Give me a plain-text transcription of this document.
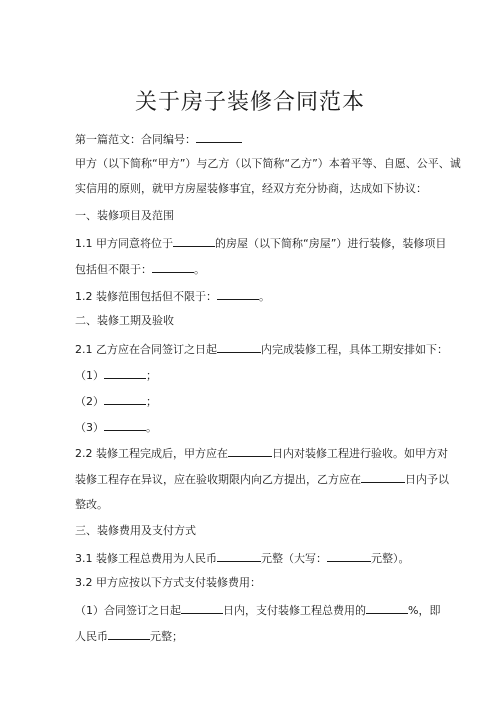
关于房子装修合同范本
第一篇范文：合同编号：
甲方（以下简称“甲方”）与乙方（以下简称“乙方”）本着平等、自愿、公平、诚
实信用的原则，就甲方房屋装修事宜，经双方充分协商，达成如下协议：
一、装修项目及范围
1.1 甲方同意将位于	的房屋（以下简称“房屋”）进行装修，装修项目
包括但不限于：	。
1.2 装修范围包括但不限于：	。
二、装修工期及验收
2.1 乙方应在合同签订之日起	内完成装修工程，具体工期安排如下：
（1）	；
（2）	；
（3）	。
2.2 装修工程完成后，甲方应在	日内对装修工程进行验收。如甲方对
装修工程存在异议，应在验收期限内向乙方提出，乙方应在	日内予以
整改。
三、装修费用及支付方式
3.1 装修工程总费用为人民币	元整（大写：	元整）。
3.2 甲方应按以下方式支付装修费用：
（1）合同签订之日起	日内，支付装修工程总费用的	%，即
人民币	元整；
